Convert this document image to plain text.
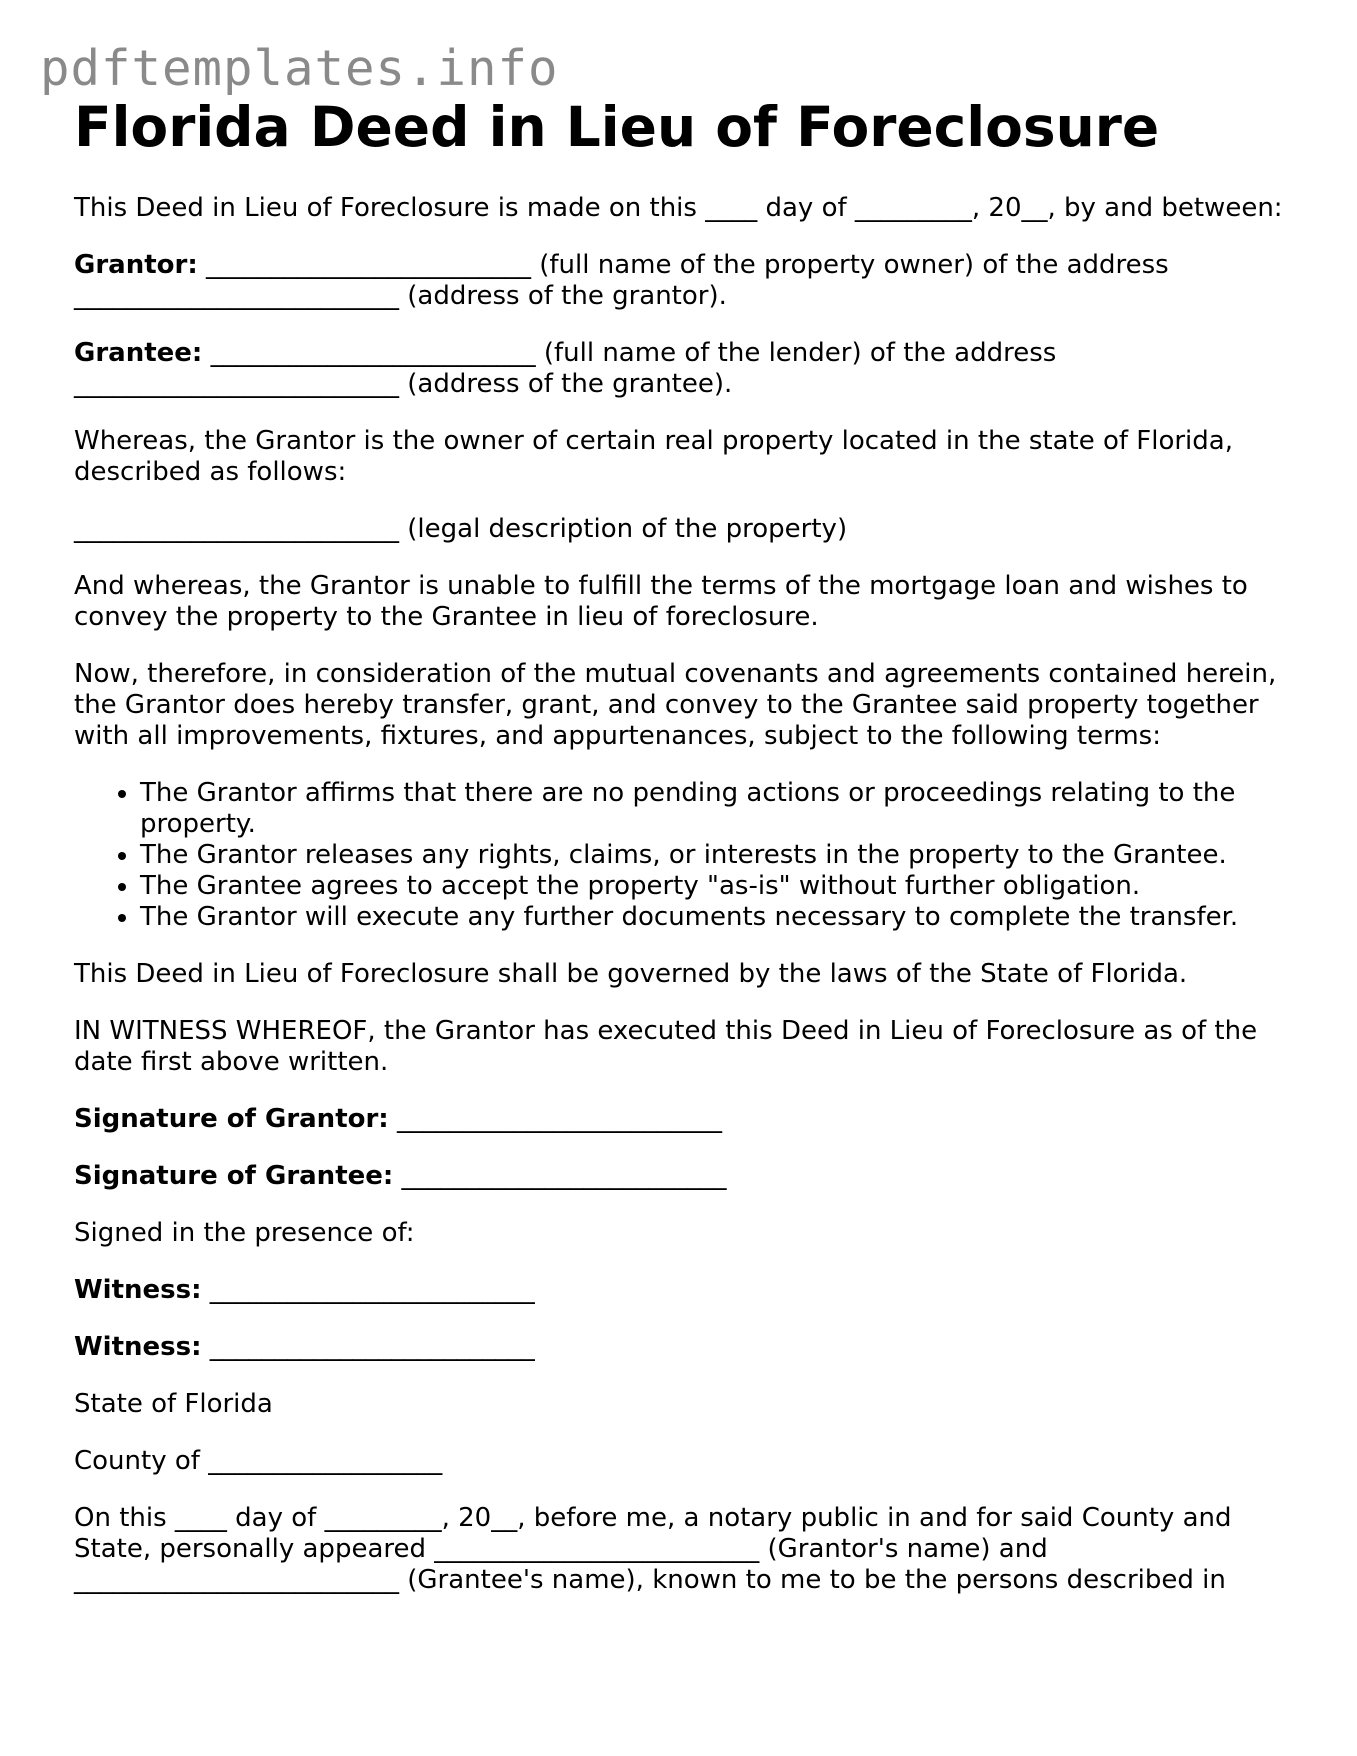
pdftemplates.info
Florida Deed in Lieu of Foreclosure

This Deed in Lieu of Foreclosure is made on this ____ day of _________, 20__, by and between:

Grantor: _________________________ (full name of the property owner) of the address _________________________ (address of the grantor).

Grantee: _________________________ (full name of the lender) of the address _________________________ (address of the grantee).

Whereas, the Grantor is the owner of certain real property located in the state of Florida, described as follows:

_________________________ (legal description of the property)

And whereas, the Grantor is unable to fulfill the terms of the mortgage loan and wishes to convey the property to the Grantee in lieu of foreclosure.

Now, therefore, in consideration of the mutual covenants and agreements contained herein, the Grantor does hereby transfer, grant, and convey to the Grantee said property together with all improvements, fixtures, and appurtenances, subject to the following terms:

• The Grantor affirms that there are no pending actions or proceedings relating to the property.
• The Grantor releases any rights, claims, or interests in the property to the Grantee.
• The Grantee agrees to accept the property "as-is" without further obligation.
• The Grantor will execute any further documents necessary to complete the transfer.

This Deed in Lieu of Foreclosure shall be governed by the laws of the State of Florida.

IN WITNESS WHEREOF, the Grantor has executed this Deed in Lieu of Foreclosure as of the date first above written.

Signature of Grantor: _________________________

Signature of Grantee: _________________________

Signed in the presence of:

Witness: _________________________

Witness: _________________________

State of Florida

County of __________________

On this ____ day of _________, 20__, before me, a notary public in and for said County and State, personally appeared _________________________ (Grantor's name) and _________________________ (Grantee's name), known to me to be the persons described in
